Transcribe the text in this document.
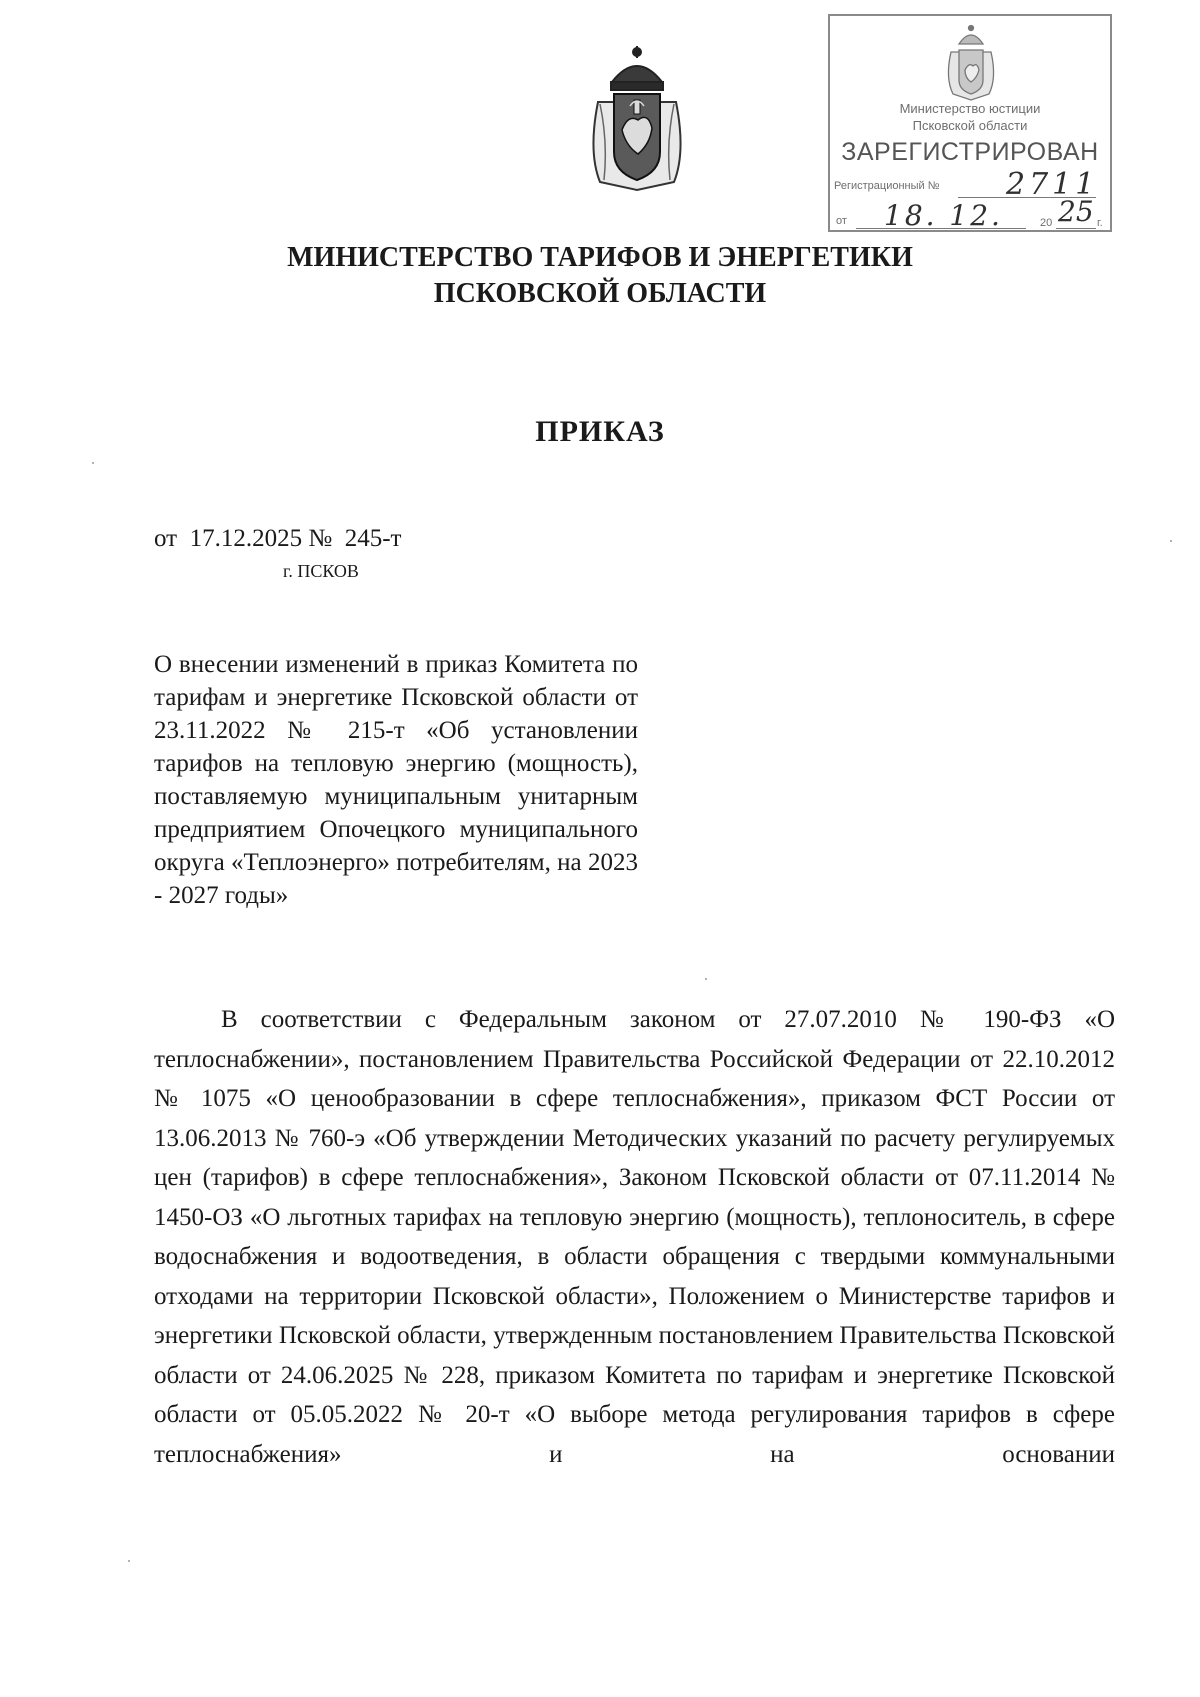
Министерство юстиции
Псковской области
ЗАРЕГИСТРИРОВАН
Регистрационный № 2711
от 18. 12.	20 25 г.
МИНИСТЕРСТВО ТАРИФОВ И ЭНЕРГЕТИКИ
ПСКОВСКОЙ ОБЛАСТИ
ПРИКАЗ
от  17.12.2025 №  245-т
г. ПСКОВ
О внесении изменений в приказ Комитета по тарифам и энергетике Псковской области от 23.11.2022 № 215-т «Об установлении тарифов на тепловую энергию (мощность), поставляемую муниципальным унитарным предприятием Опочецкого муниципального округа «Теплоэнерго» потребителям, на 2023 - 2027 годы»
В соответствии с Федеральным законом от 27.07.2010 № 190-ФЗ «О теплоснабжении», постановлением Правительства Российской Федерации от 22.10.2012 № 1075 «О ценообразовании в сфере теплоснабжения», приказом ФСТ России от 13.06.2013 № 760-э «Об утверждении Методических указаний по расчету регулируемых цен (тарифов) в сфере теплоснабжения», Законом Псковской области от 07.11.2014 № 1450-ОЗ «О льготных тарифах на тепловую энергию (мощность), теплоноситель, в сфере водоснабжения и водоотведения, в области обращения с твердыми коммунальными отходами на территории Псковской области», Положением о Министерстве тарифов и энергетики Псковской области, утвержденным постановлением Правительства Псковской области от 24.06.2025 № 228, приказом Комитета по тарифам и энергетике Псковской области от 05.05.2022 № 20-т «О выборе метода регулирования тарифов в сфере теплоснабжения» и на основании
